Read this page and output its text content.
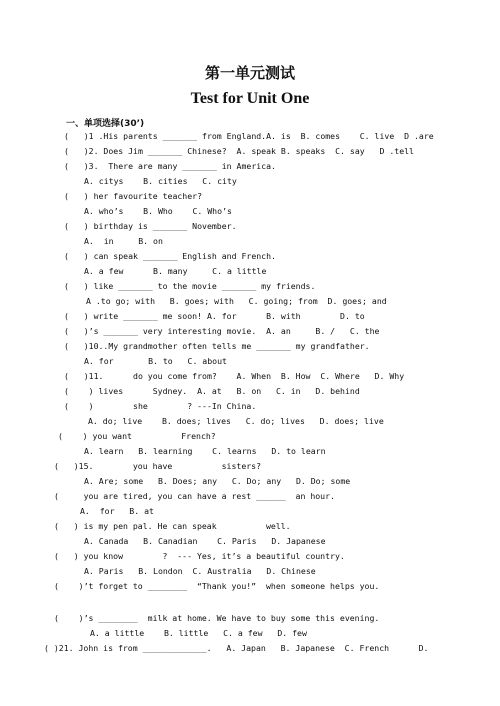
第一单元测试
Test for Unit One
一、单项选择(30’)
(   )1 .His parents _______ from England.A. is  B. comes    C. live  D .are
(   )2. Does Jim _______ Chinese?  A. speak B. speaks  C. say   D .tell
(   )3.  There are many _______ in America.
A. citys    B. cities   C. city
(   ) her favourite teacher?
A. who’s    B. Who    C. Who’s
(   ) birthday is _______ November.
A.  in     B. on
(   ) can speak _______ English and French.
A. a few      B. many     C. a little
(   ) like _______ to the movie _______ my friends.
A .to go; with   B. goes; with   C. going; from  D. goes; and
(   ) write _______ me soon! A. for      B. with        D. to
(   )’s _______ very interesting movie.  A. an     B. /   C. the
(   )10..My grandmother often tells me _______ my grandfather.
A. for       B. to   C. about
(   )11.      do you come from?    A. When  B. How  C. Where   D. Why
(    ) lives      Sydney.  A. at   B. on   C. in   D. behind
(    )        she        ? ---In China.
A. do; live    B. does; lives   C. do; lives   D. does; live
(    ) you want          French?
A. learn   B. learning    C. learns   D. to learn
(   )15.        you have          sisters?
A. Are; some   B. Does; any   C. Do; any   D. Do; some
(     you are tired, you can have a rest ______  an hour.
A.  for   B. at
(   ) is my pen pal. He can speak          well.
A. Canada   B. Canadian    C. Paris   D. Japanese
(   ) you know        ?  --- Yes, it’s a beautiful country.
A. Paris   B. London  C. Australia   D. Chinese
(    )’t forget to ________  “Thank you!”  when someone helps you.
(    )’s ________  milk at home. We have to buy some this evening.
A. a little    B. little   C. a few   D. few
( )21. John is from _____________.   A. Japan   B. Japanese  C. French      D.
